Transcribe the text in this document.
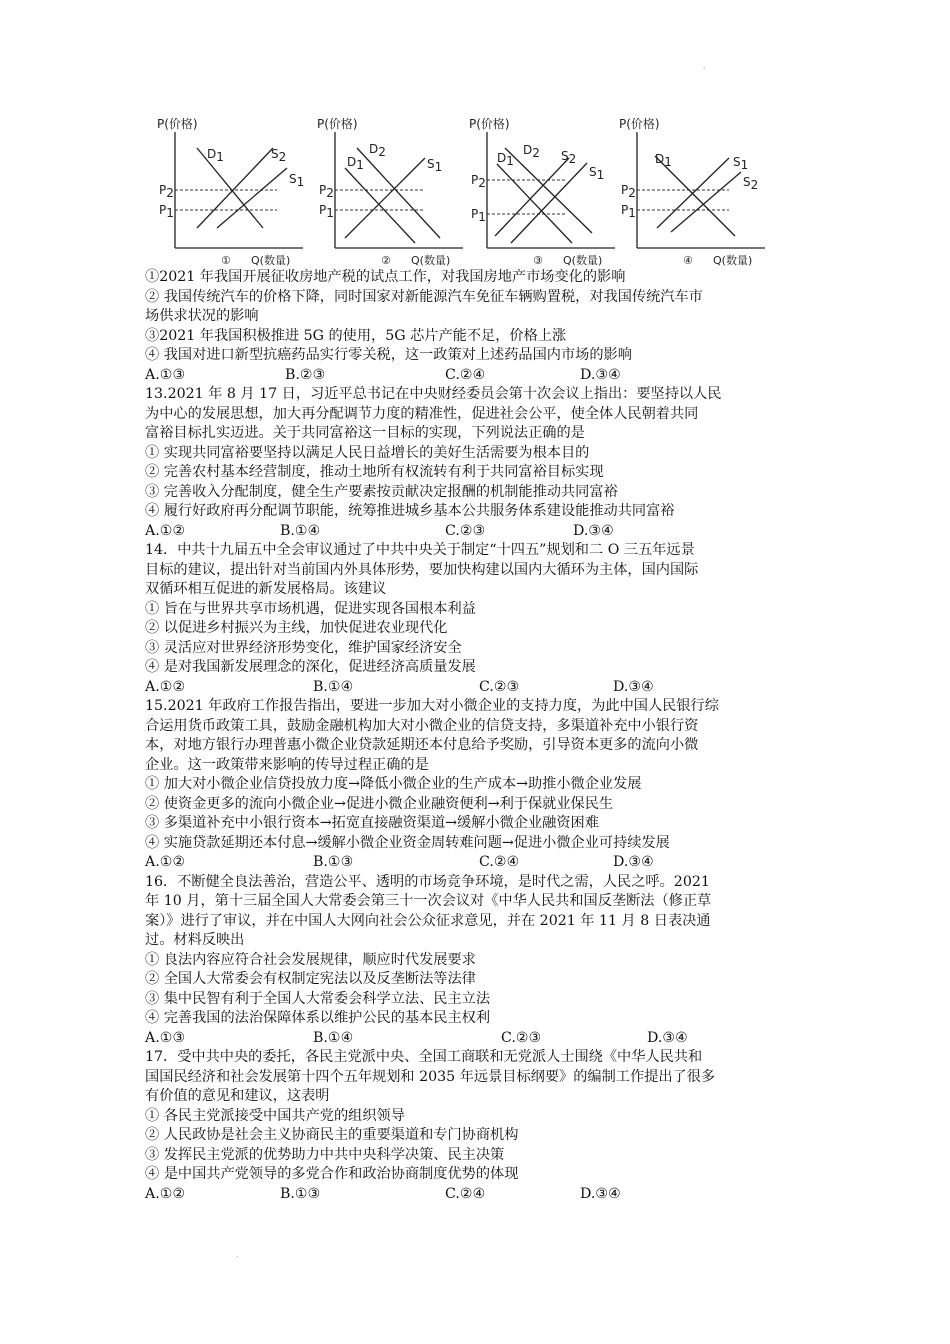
'
P(价格)
Q(数量)
①
P2
P1
D1	S2
S1
P(价格)
Q(数量)
②
P2
P1
D1
D2
S1
P(价格)
Q(数量)
③
P2
P1
D1
D2 S2
S1
P(价格)
Q(数量)
④
P2
P1
D1	S1
S2

①2021 年我国开展征收房地产税的试点工作，对我国房地产市场变化的影响

② 我国传统汽车的价格下降，同时国家对新能源汽车免征车辆购置税，对我国传统汽车市

场供求状况的影响

③2021 年我国积极推进 5G 的使用，5G 芯片产能不足，价格上涨

④ 我国对进口新型抗癌药品实行零关税，这一政策对上述药品国内市场的影响

A.①③	B.②③	C.②④	D.③④

13.2021 年 8 月 17 日，习近平总书记在中央财经委员会第十次会议上指出：要坚持以人民

为中心的发展思想，加大再分配调节力度的精准性，促进社会公平，使全体人民朝着共同

富裕目标扎实迈进。关于共同富裕这一目标的实现，下列说法正确的是

① 实现共同富裕要坚持以满足人民日益增长的美好生活需要为根本目的

② 完善农村基本经营制度，推动土地所有权流转有利于共同富裕目标实现

③ 完善收入分配制度，健全生产要素按贡献决定报酬的机制能推动共同富裕

④ 履行好政府再分配调节职能，统筹推进城乡基本公共服务体系建设能推动共同富裕

A.①②	B.①④	C.②③	D.③④

14．中共十九届五中全会审议通过了中共中央关于制定“十四五”规划和二 O 三五年远景

目标的建议，提出针对当前国内外具体形势，要加快构建以国内大循环为主体，国内国际

双循环相互促进的新发展格局。该建议

① 旨在与世界共享市场机遇，促进实现各国根本利益

② 以促进乡村振兴为主线，加快促进农业现代化

③ 灵活应对世界经济形势变化，维护国家经济安全

④ 是对我国新发展理念的深化，促进经济高质量发展

A.①②	B.①④	C.②③	D.③④

15.2021 年政府工作报告指出，要进一步加大对小微企业的支持力度，为此中国人民银行综

合运用货币政策工具，鼓励金融机构加大对小微企业的信贷支持，多渠道补充中小银行资

本，对地方银行办理普惠小微企业贷款延期还本付息给予奖励，引导资本更多的流向小微

企业。这一政策带来影响的传导过程正确的是

① 加大对小微企业信贷投放力度→降低小微企业的生产成本→助推小微企业发展

② 使资金更多的流向小微企业→促进小微企业融资便利→利于保就业保民生

③ 多渠道补充中小银行资本→拓宽直接融资渠道→缓解小微企业融资困难

④ 实施贷款延期还本付息→缓解小微企业资金周转难问题→促进小微企业可持续发展

A.①②	B.①③	C.②④	D.③④

16．不断健全良法善治，营造公平、透明的市场竞争环境，是时代之需，人民之呼。2021

年 10 月，第十三届全国人大常委会第三十一次会议对《中华人民共和国反垄断法（修正草

案）》进行了审议，并在中国人大网向社会公众征求意见，并在 2021 年 11 月 8 日表决通

过。材料反映出

① 良法内容应符合社会发展规律，顺应时代发展要求

② 全国人大常委会有权制定宪法以及反垄断法等法律

③ 集中民智有利于全国人大常委会科学立法、民主立法

④ 完善我国的法治保障体系以维护公民的基本民主权利

A.①③	B.①④	C.②③	D.③④

17．受中共中央的委托，各民主党派中央、全国工商联和无党派人士围绕《中华人民共和

国国民经济和社会发展第十四个五年规划和 2035 年远景目标纲要》的编制工作提出了很多

有价值的意见和建议，这表明

① 各民主党派接受中国共产党的组织领导

② 人民政协是社会主义协商民主的重要渠道和专门协商机构

③ 发挥民主党派的优势助力中共中央科学决策、民主决策

④ 是中国共产党领导的多党合作和政治协商制度优势的体现

A.①②	B.①③	C.②④	D.③④
.
